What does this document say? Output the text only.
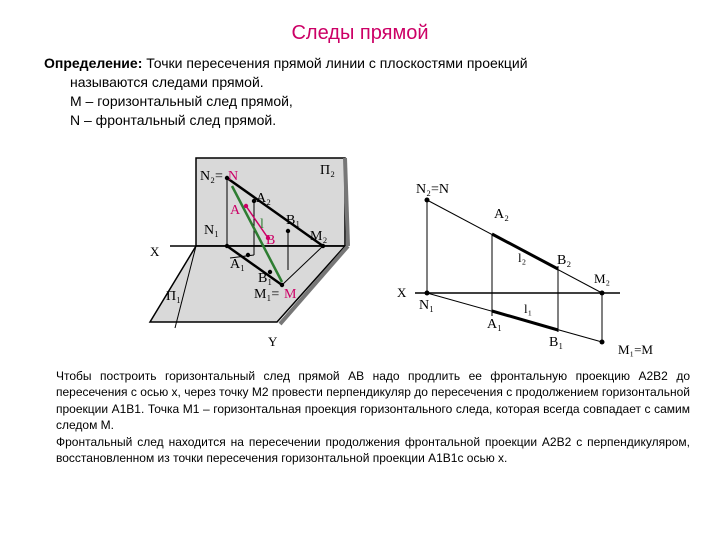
Следы прямой
Определение: Точки пересечения прямой линии с плоскостями проекций
называются следами прямой.
M – горизонтальный след прямой,
N – фронтальный след прямой.
N₂= N	П₂
A₂
A
l B₁
B M₂
N₁
X
A₁
B₁
П₁	M₁= M
Y
N₂=N
A₂
l₂ B₂
M₂
X
N₁	l₁
A₁
B₁	M₁=M

Чтобы построить горизонтальный след прямой АВ надо продлить ее фронтальную проекцию А2В2 до пересечения с осью х, через точку М2 провести перпендикуляр до пересечения с продолжением горизонтальной проекции А1В1. Точка М1 – горизонтальная проекция горизонтального следа, которая всегда совпадает с самим следом М.

Фронтальный след находится на пересечении продолжения фронтальной проекции А2В2 с перпендикуляром, восстановленном из точки пересечения горизонтальной проекции А1В1с осью х.
